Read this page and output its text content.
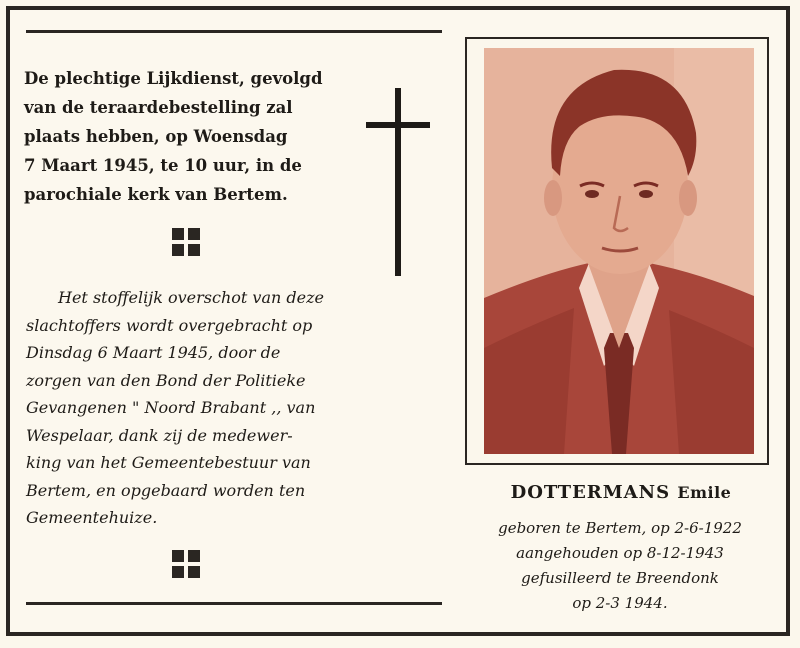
De plechtige Lijkdienst, gevolgd
van de teraardebestelling zal
plaats hebben, op Woensdag
7 Maart 1945, te 10 uur, in de
parochiale kerk van Bertem.
Het stoffelijk overschot van deze
slachtoffers wordt overgebracht op
Dinsdag 6 Maart 1945, door de
zorgen van den Bond der Politieke
Gevangenen " Noord Brabant ,, van
Wespelaar, dank zij de medewer-
king van het Gemeentebestuur van
Bertem, en opgebaard worden ten
Gemeentehuize.
DOTTERMANS Emile
geboren te Bertem, op 2-6-1922
aangehouden op 8-12-1943
gefusilleerd te Breendonk
op 2-3 1944.
